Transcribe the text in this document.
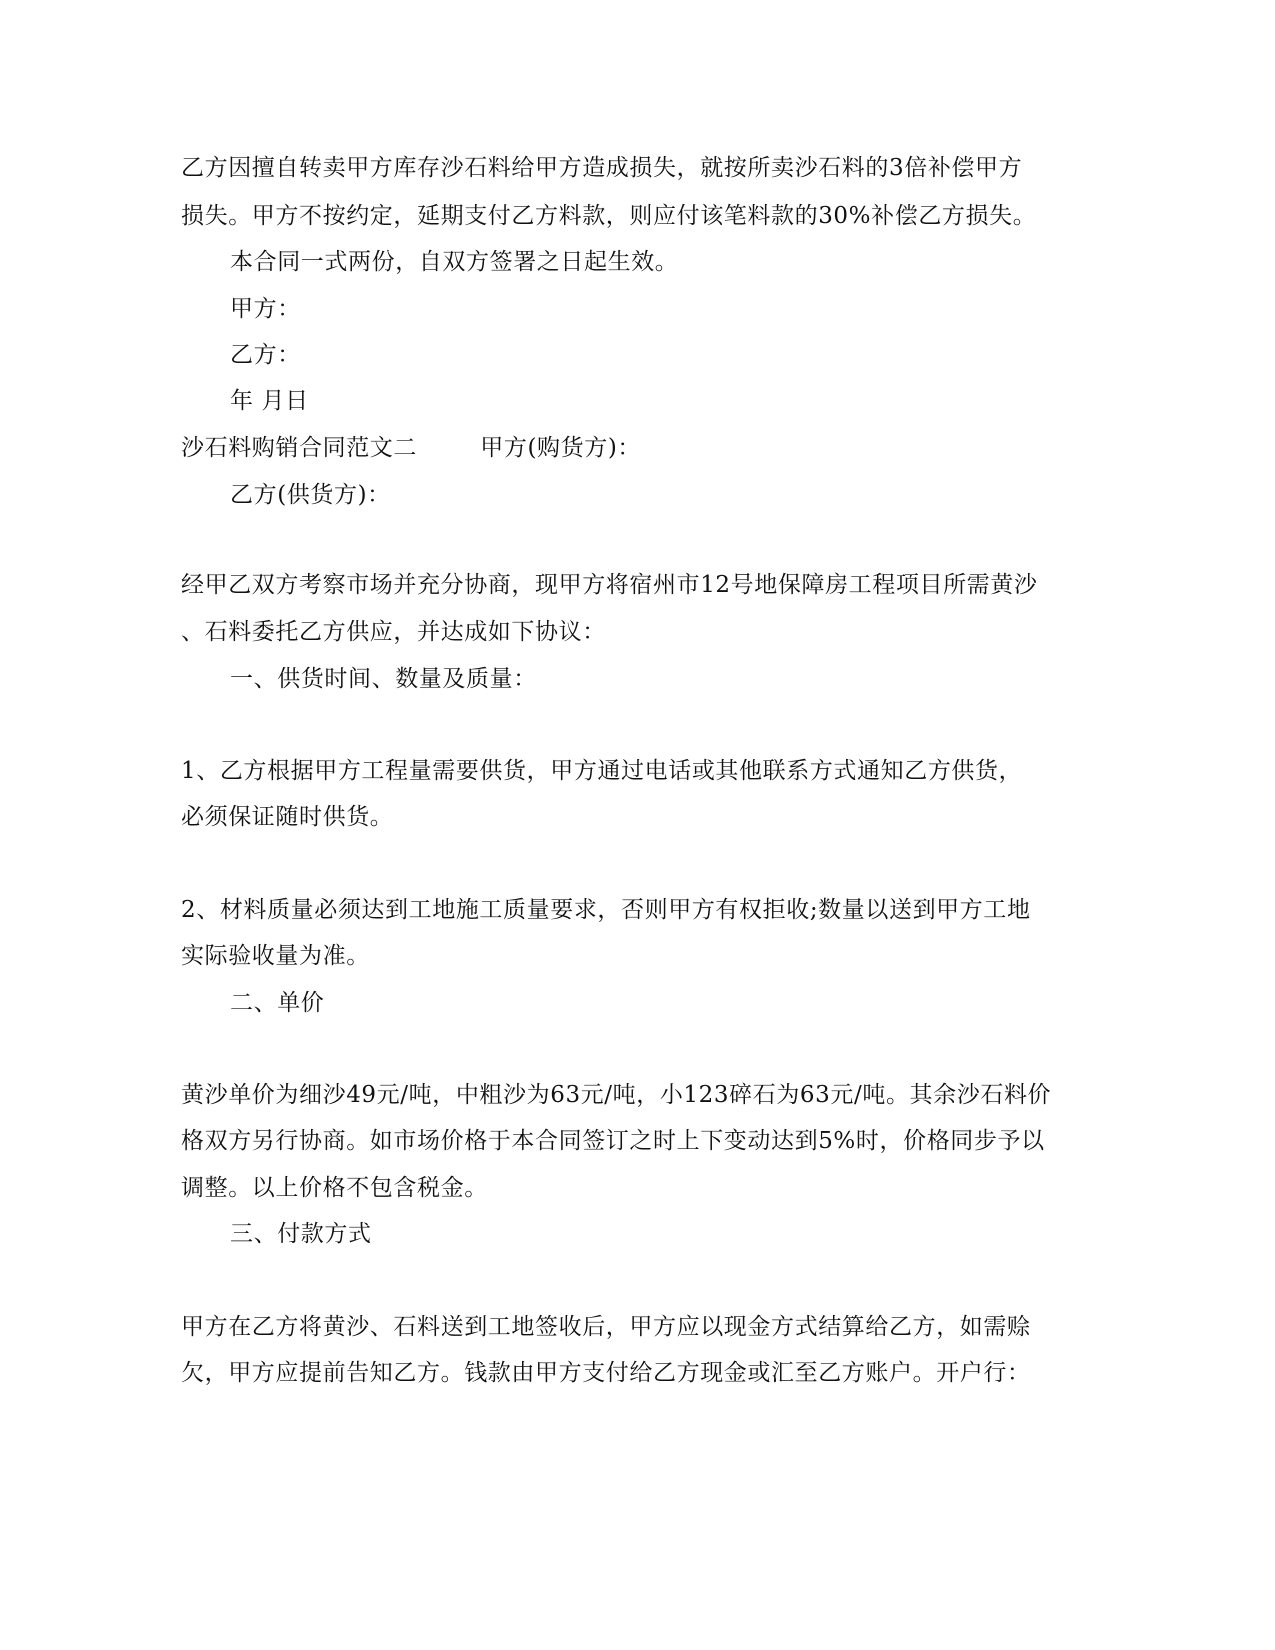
乙方因擅自转卖甲方库存沙石料给甲方造成损失，就按所卖沙石料的3倍补偿甲方
损失。甲方不按约定，延期支付乙方料款，则应付该笔料款的30%补偿乙方损失。
本合同一式两份，自双方签署之日起生效。
甲方：
乙方：
年 月日
沙石料购销合同范文二        甲方(购货方)：
乙方(供货方)：
经甲乙双方考察市场并充分协商，现甲方将宿州市12号地保障房工程项目所需黄沙
、石料委托乙方供应，并达成如下协议：
一、供货时间、数量及质量：
1、乙方根据甲方工程量需要供货，甲方通过电话或其他联系方式通知乙方供货，
必须保证随时供货。
2、材料质量必须达到工地施工质量要求，否则甲方有权拒收;数量以送到甲方工地
实际验收量为准。
二、单价
黄沙单价为细沙49元/吨，中粗沙为63元/吨，小123碎石为63元/吨。其余沙石料价
格双方另行协商。如市场价格于本合同签订之时上下变动达到5%时，价格同步予以
调整。以上价格不包含税金。
三、付款方式
甲方在乙方将黄沙、石料送到工地签收后，甲方应以现金方式结算给乙方，如需赊
欠，甲方应提前告知乙方。钱款由甲方支付给乙方现金或汇至乙方账户。开户行：
